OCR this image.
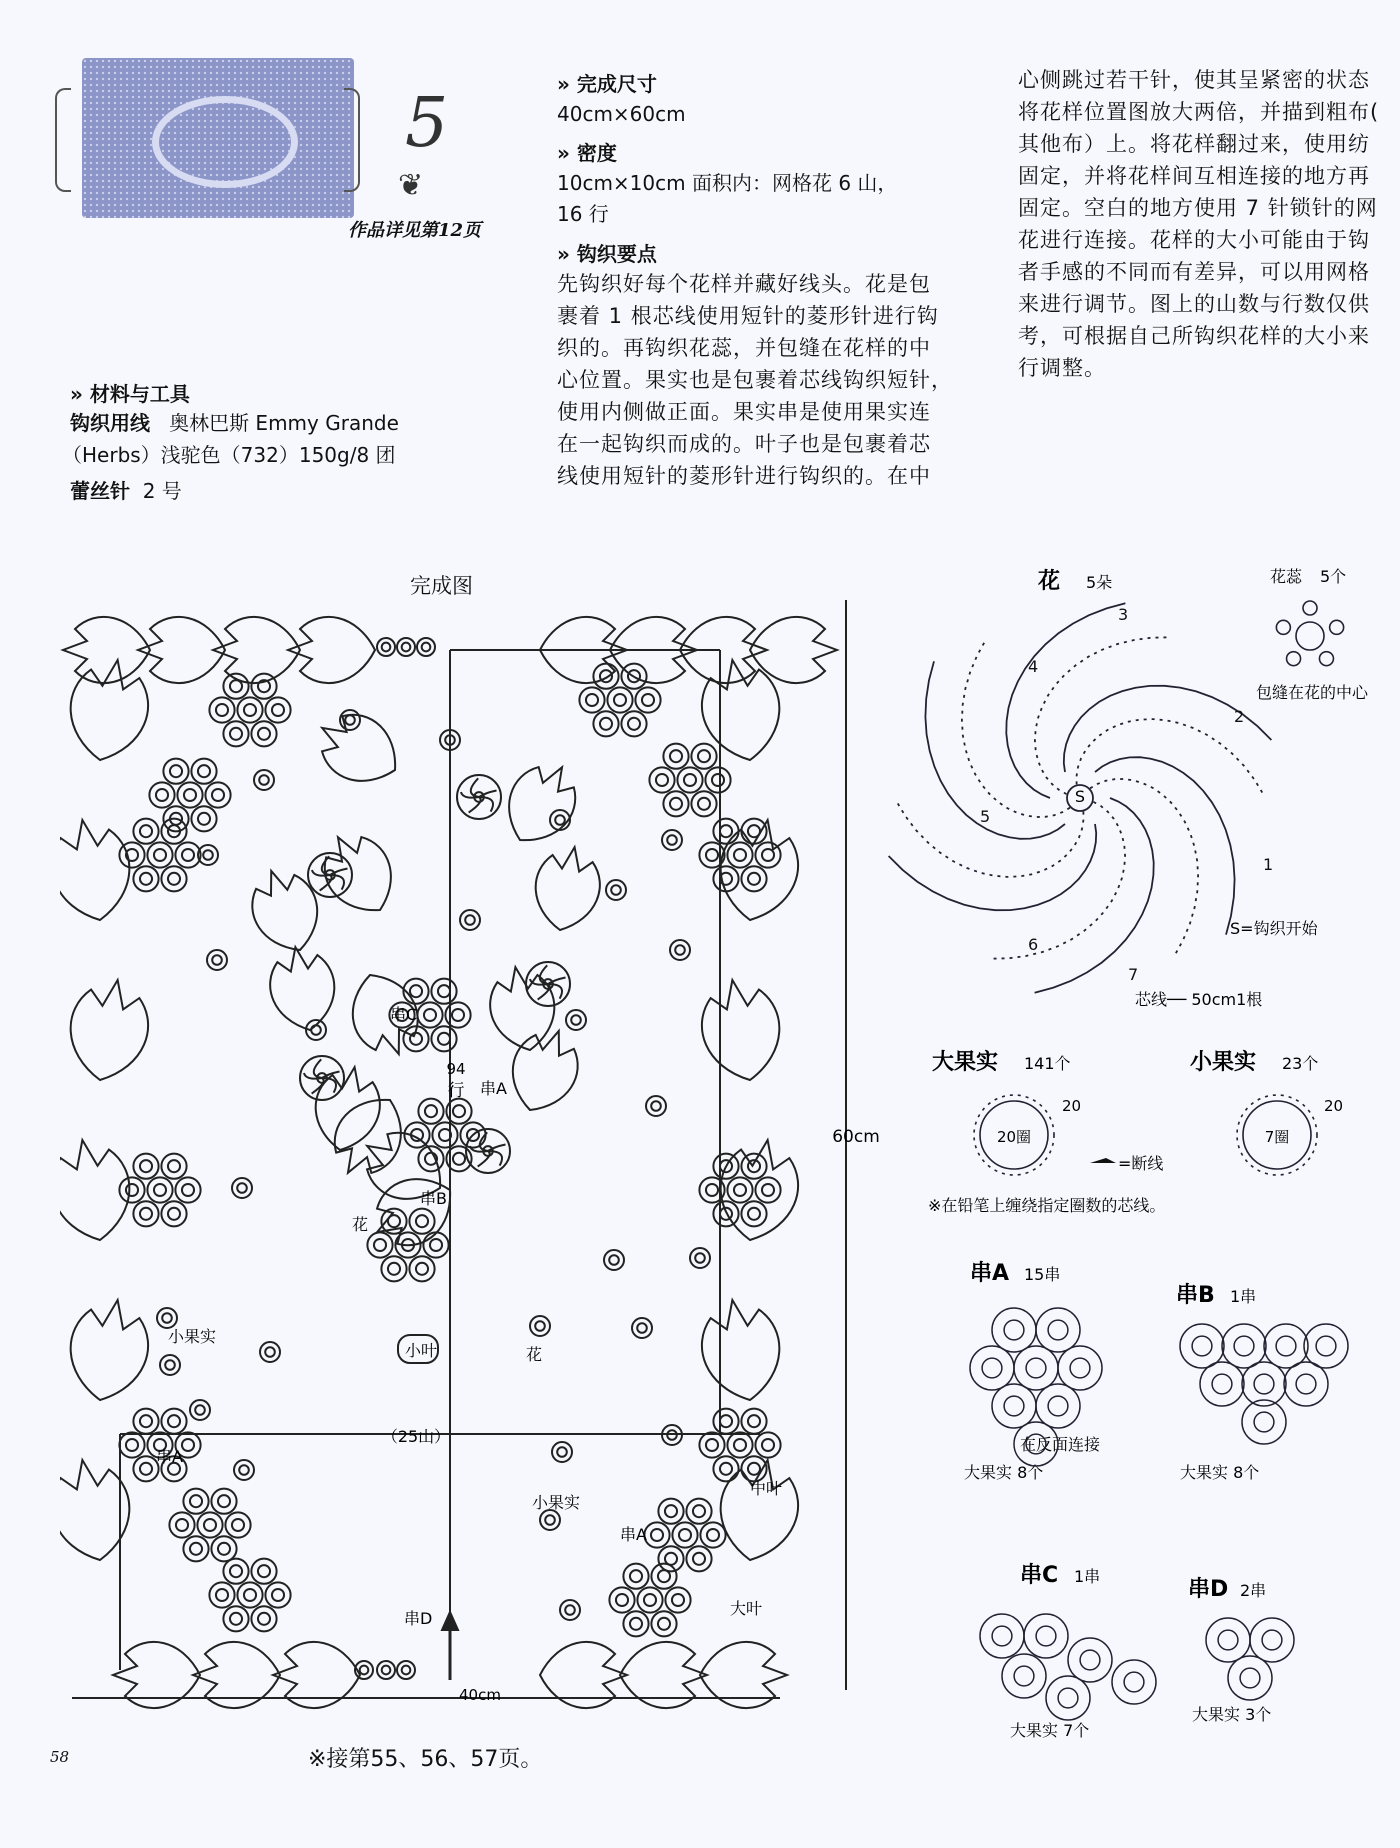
5
❦
作品详见第12页
» 完成尺寸
40cm×60cm
» 密度
10cm×10cm 面积内：网格花 6 山，
16 行
» 钩织要点
先钩织好每个花样并藏好线头。花是包
裹着 1 根芯线使用短针的菱形针进行钩
织的。再钩织花蕊，并包缝在花样的中
心位置。果实也是包裹着芯线钩织短针，
使用内侧做正面。果实串是使用果实连
在一起钩织而成的。叶子也是包裹着芯
线使用短针的菱形针进行钩织的。在中
心侧跳过若干针，使其呈紧密的状态
将花样位置图放大两倍，并描到粗布(
其他布）上。将花样翻过来，使用纺
固定，并将花样间互相连接的地方再
固定。空白的地方使用 7 针锁针的网
花进行连接。花样的大小可能由于钩
者手感的不同而有差异，可以用网格
来进行调节。图上的山数与行数仅供
考，可根据自己所钩织花样的大小来
行调整。
» 材料与工具
钩织用线 奥林巴斯 Emmy Grande
（Herbs）浅驼色（732）150g/8 团
蕾丝针 2 号
完成图
40cm
60cm
（25山）
94
行
串C
串A
串B
花
花
小叶
小果实
小果实
串A
串A
中叶
大叶
串D
花 5朵	花蕊 5个
包缝在花的中心
1
2
3
4
5
6
7
S
S=钩织开始
芯线── 50cm1根
大果实 141个	小果实 23个
20圈
20
7圈
20
=断线
※在铅笔上缠绕指定圈数的芯线。
串A 15串
串B 1串
在反面连接
大果实 8个	大果实 8个
串C 1串
串D 2串
大果实 7个
大果实 3个
58	※接第55、56、57页。
